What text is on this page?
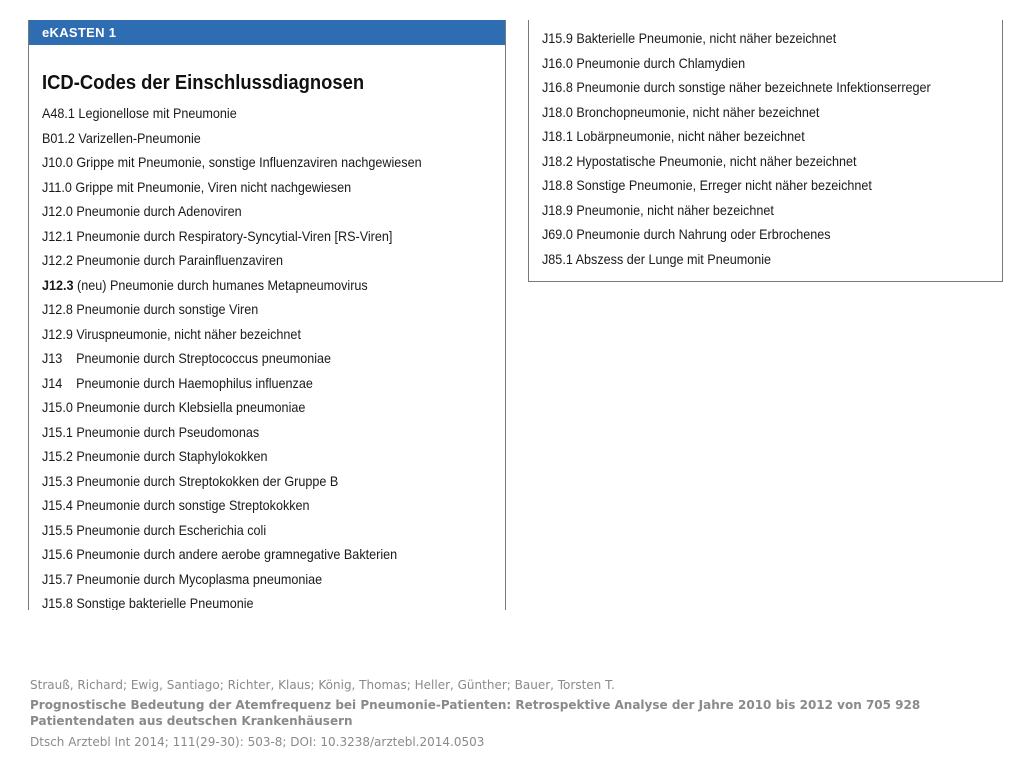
eKASTEN 1
ICD-Codes der Einschlussdiagnosen
A48.1 Legionellose mit Pneumonie
B01.2 Varizellen-Pneumonie
J10.0 Grippe mit Pneumonie, sonstige Influenzaviren nachgewiesen
J11.0 Grippe mit Pneumonie, Viren nicht nachgewiesen
J12.0 Pneumonie durch Adenoviren
J12.1 Pneumonie durch Respiratory-Syncytial-Viren [RS-Viren]
J12.2 Pneumonie durch Parainfluenzaviren
J12.3 (neu) Pneumonie durch humanes Metapneumovirus
J12.8 Pneumonie durch sonstige Viren
J12.9 Viruspneumonie, nicht näher bezeichnet
J13 Pneumonie durch Streptococcus pneumoniae
J14 Pneumonie durch Haemophilus influenzae
J15.0 Pneumonie durch Klebsiella pneumoniae
J15.1 Pneumonie durch Pseudomonas
J15.2 Pneumonie durch Staphylokokken
J15.3 Pneumonie durch Streptokokken der Gruppe B
J15.4 Pneumonie durch sonstige Streptokokken
J15.5 Pneumonie durch Escherichia coli
J15.6 Pneumonie durch andere aerobe gramnegative Bakterien
J15.7 Pneumonie durch Mycoplasma pneumoniae
J15.8 Sonstige bakterielle Pneumonie
J15.9 Bakterielle Pneumonie, nicht näher bezeichnet
J16.0 Pneumonie durch Chlamydien
J16.8 Pneumonie durch sonstige näher bezeichnete Infektionserreger
J18.0 Bronchopneumonie, nicht näher bezeichnet
J18.1 Lobärpneumonie, nicht näher bezeichnet
J18.2 Hypostatische Pneumonie, nicht näher bezeichnet
J18.8 Sonstige Pneumonie, Erreger nicht näher bezeichnet
J18.9 Pneumonie, nicht näher bezeichnet
J69.0 Pneumonie durch Nahrung oder Erbrochenes
J85.1 Abszess der Lunge mit Pneumonie
Strauß, Richard; Ewig, Santiago; Richter, Klaus; König, Thomas; Heller, Günther; Bauer, Torsten T.
Prognostische Bedeutung der Atemfrequenz bei Pneumonie-Patienten: Retrospektive Analyse der Jahre 2010 bis 2012 von 705 928 Patientendaten aus deutschen Krankenhäusern
Dtsch Arztebl Int 2014; 111(29-30): 503-8; DOI: 10.3238/arztebl.2014.0503
